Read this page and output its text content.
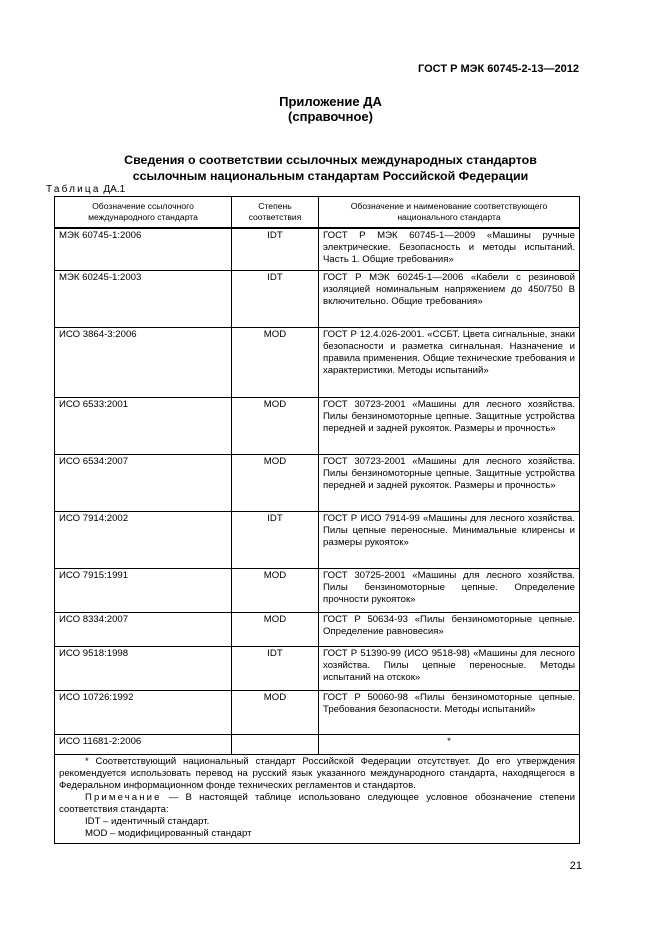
ГОСТ Р МЭК 60745-2-13—2012
Приложение ДА
(справочное)
Сведения о соответствии ссылочных международных стандартов
ссылочным национальным стандартам Российской Федерации
Таблица ДА.1
Обозначение ссылочного международного стандарта	Степень соответствия	Обозначение и наименование соответствующего национального стандарта
МЭК 60745-1:2006	IDT	ГОСТ Р МЭК 60745-1—2009 «Машины ручные электрические. Безопасность и методы испытаний. Часть 1. Общие требования»
МЭК 60245-1:2003	IDT	ГОСТ Р МЭК 60245-1—2006 «Кабели с резиновой изоляцией номинальным напряжением до 450/750 В включительно. Общие требования»
ИСО 3864-3:2006	MOD	ГОСТ Р 12.4.026-2001. «ССБТ. Цвета сигнальные, знаки безопасности и разметка сигнальная. Назначение и правила применения. Общие технические требования и характеристики. Методы испытаний»
ИСО 6533:2001	MOD	ГОСТ 30723-2001 «Машины для лесного хозяйства. Пилы бензиномоторные цепные. Защитные устройства передней и задней рукояток. Размеры и прочность»
ИСО 6534:2007	MOD	ГОСТ 30723-2001 «Машины для лесного хозяйства. Пилы бензиномоторные цепные. Защитные устройства передней и задней рукояток. Размеры и прочность»
ИСО 7914:2002	IDT	ГОСТ Р ИСО 7914-99 «Машины для лесного хозяйства. Пилы цепные переносные. Минимальные клиренсы и размеры рукояток»
ИСО 7915:1991	MOD	ГОСТ 30725-2001 «Машины для лесного хозяйства. Пилы бензиномоторные цепные. Определение прочности рукояток»
ИСО 8334:2007	MOD	ГОСТ Р 50634-93 «Пилы бензиномоторные цепные. Определение равновесия»
ИСО 9518:1998	IDT	ГОСТ Р 51390-99 (ИСО 9518-98) «Машины для лесного хозяйства. Пилы цепные переносные. Методы испытаний на отскок»
ИСО 10726:1992	MOD	ГОСТ Р 50060-98 «Пилы бензиномоторные цепные. Требования безопасности. Методы испытаний»
ИСО 11681-2:2006		*

* Соответствующий национальный стандарт Российской Федерации отсутствует. До его утверждения рекомендуется использовать перевод на русский язык указанного международного стандарта, находящегося в Федеральном информационном фонде технических регламентов и стандартов.

Примечание — В настоящей таблице использовано следующее условное обозначение степени соответствия стандарта:

IDT – идентичный стандарт.

MOD – модифицированный стандарт		

21
